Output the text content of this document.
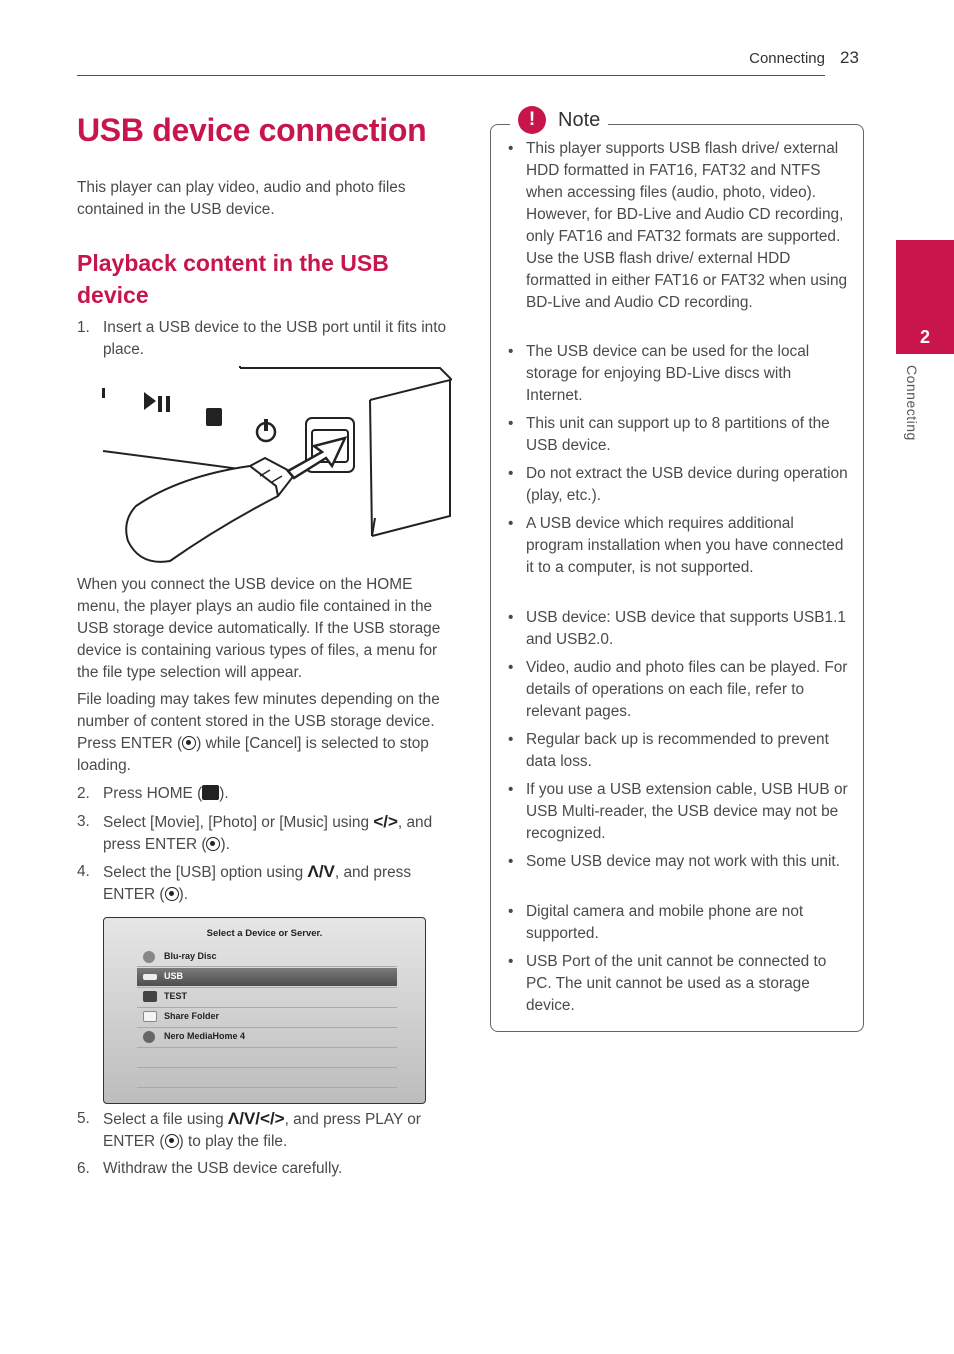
Connecting 23
2
Connecting
USB device connection
This player can play video, audio and photo files contained in the USB device.
Playback content in the USB device
1. Insert a USB device to the USB port until it fits into place.
When you connect the USB device on the HOME menu, the player plays an audio file contained in the USB storage device automatically. If the USB storage device is containing various types of files, a menu for the file type selection will appear.
File loading may takes few minutes depending on the number of content stored in the USB storage device. Press ENTER ( ) while [Cancel] is selected to stop loading.
2. Press HOME ( ).
3. Select [Movie], [Photo] or [Music] using </>, and press ENTER ( ).
4. Select the [USB] option using Λ/V, and press ENTER ( ).
Select a Device or Server.
Blu-ray Disc
USB
TEST
Share Folder
Nero MediaHome 4
5. Select a file using Λ/V/</>, and press PLAY or ENTER ( ) to play the file.
6. Withdraw the USB device carefully.
!	Note
• This player supports USB flash drive/ external HDD formatted in FAT16, FAT32 and NTFS when accessing files (audio, photo, video). However, for BD-Live and Audio CD recording, only FAT16 and FAT32 formats are supported. Use the USB flash drive/ external HDD formatted in either FAT16 or FAT32 when using BD-Live and Audio CD recording.
• The USB device can be used for the local storage for enjoying BD-Live discs with Internet.
• This unit can support up to 8 partitions of the USB device.
• Do not extract the USB device during operation (play, etc.).
• A USB device which requires additional program installation when you have connected it to a computer, is not supported.
• USB device: USB device that supports USB1.1 and USB2.0.
• Video, audio and photo files can be played. For details of operations on each file, refer to relevant pages.
• Regular back up is recommended to prevent data loss.
• If you use a USB extension cable, USB HUB or USB Multi-reader, the USB device may not be recognized.
• Some USB device may not work with this unit.
• Digital camera and mobile phone are not supported.
• USB Port of the unit cannot be connected to PC. The unit cannot be used as a storage device.
